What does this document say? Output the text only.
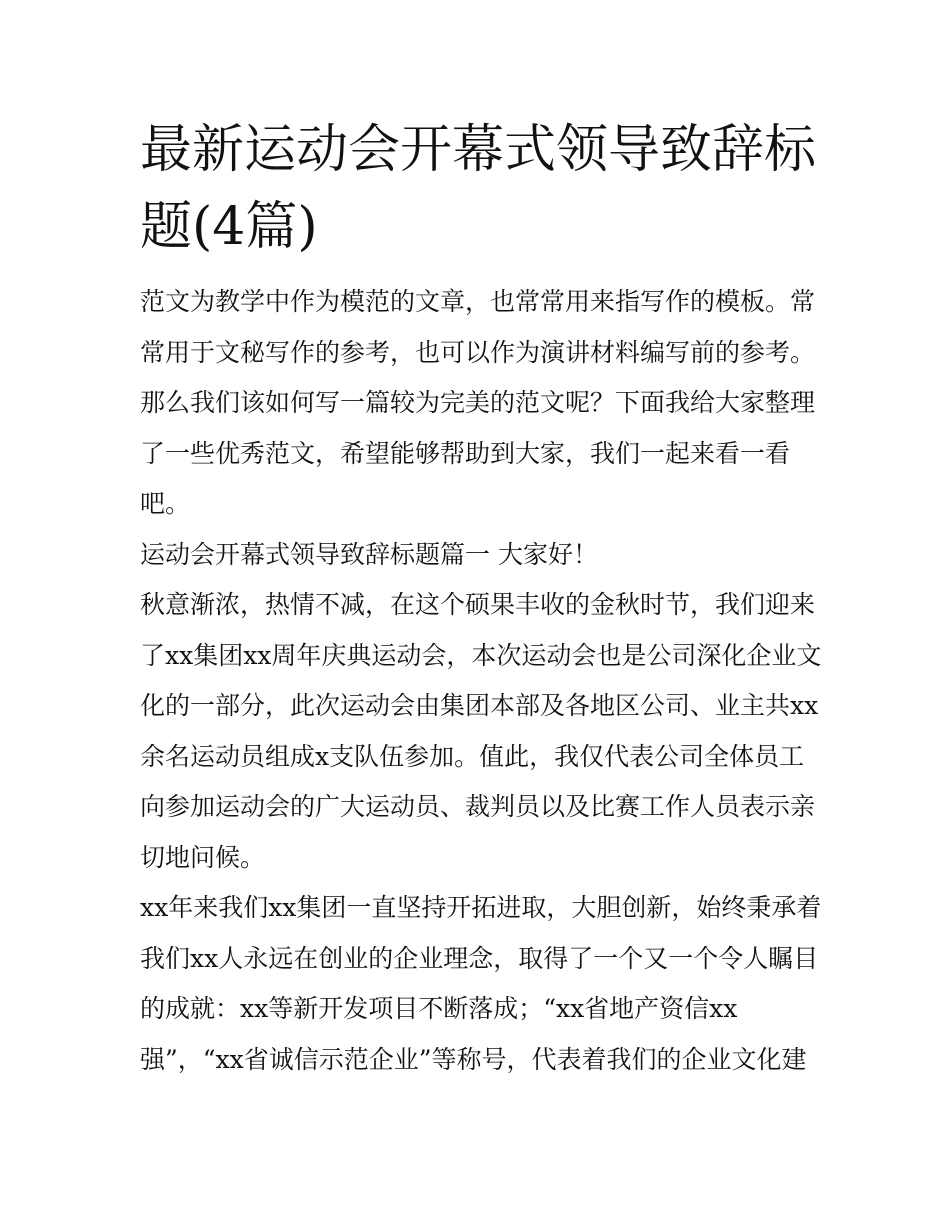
最新运动会开幕式领导致辞标题(4篇)

范文为教学中作为模范的文章，也常常用来指写作的模板。常常用于文秘写作的参考，也可以作为演讲材料编写前的参考。那么我们该如何写一篇较为完美的范文呢？下面我给大家整理了一些优秀范文，希望能够帮助到大家，我们一起来看一看吧。

运动会开幕式领导致辞标题篇一 大家好！

秋意渐浓，热情不减，在这个硕果丰收的金秋时节，我们迎来了xx集团xx周年庆典运动会，本次运动会也是公司深化企业文化的一部分，此次运动会由集团本部及各地区公司、业主共xx余名运动员组成x支队伍参加。值此，我仅代表公司全体员工向参加运动会的广大运动员、裁判员以及比赛工作人员表示亲切地问候。

xx年来我们xx集团一直坚持开拓进取，大胆创新，始终秉承着我们xx人永远在创业的企业理念，取得了一个又一个令人瞩目的成就：xx等新开发项目不断落成；“xx省地产资信xx强”，“xx省诚信示范企业”等称号，代表着我们的企业文化建
